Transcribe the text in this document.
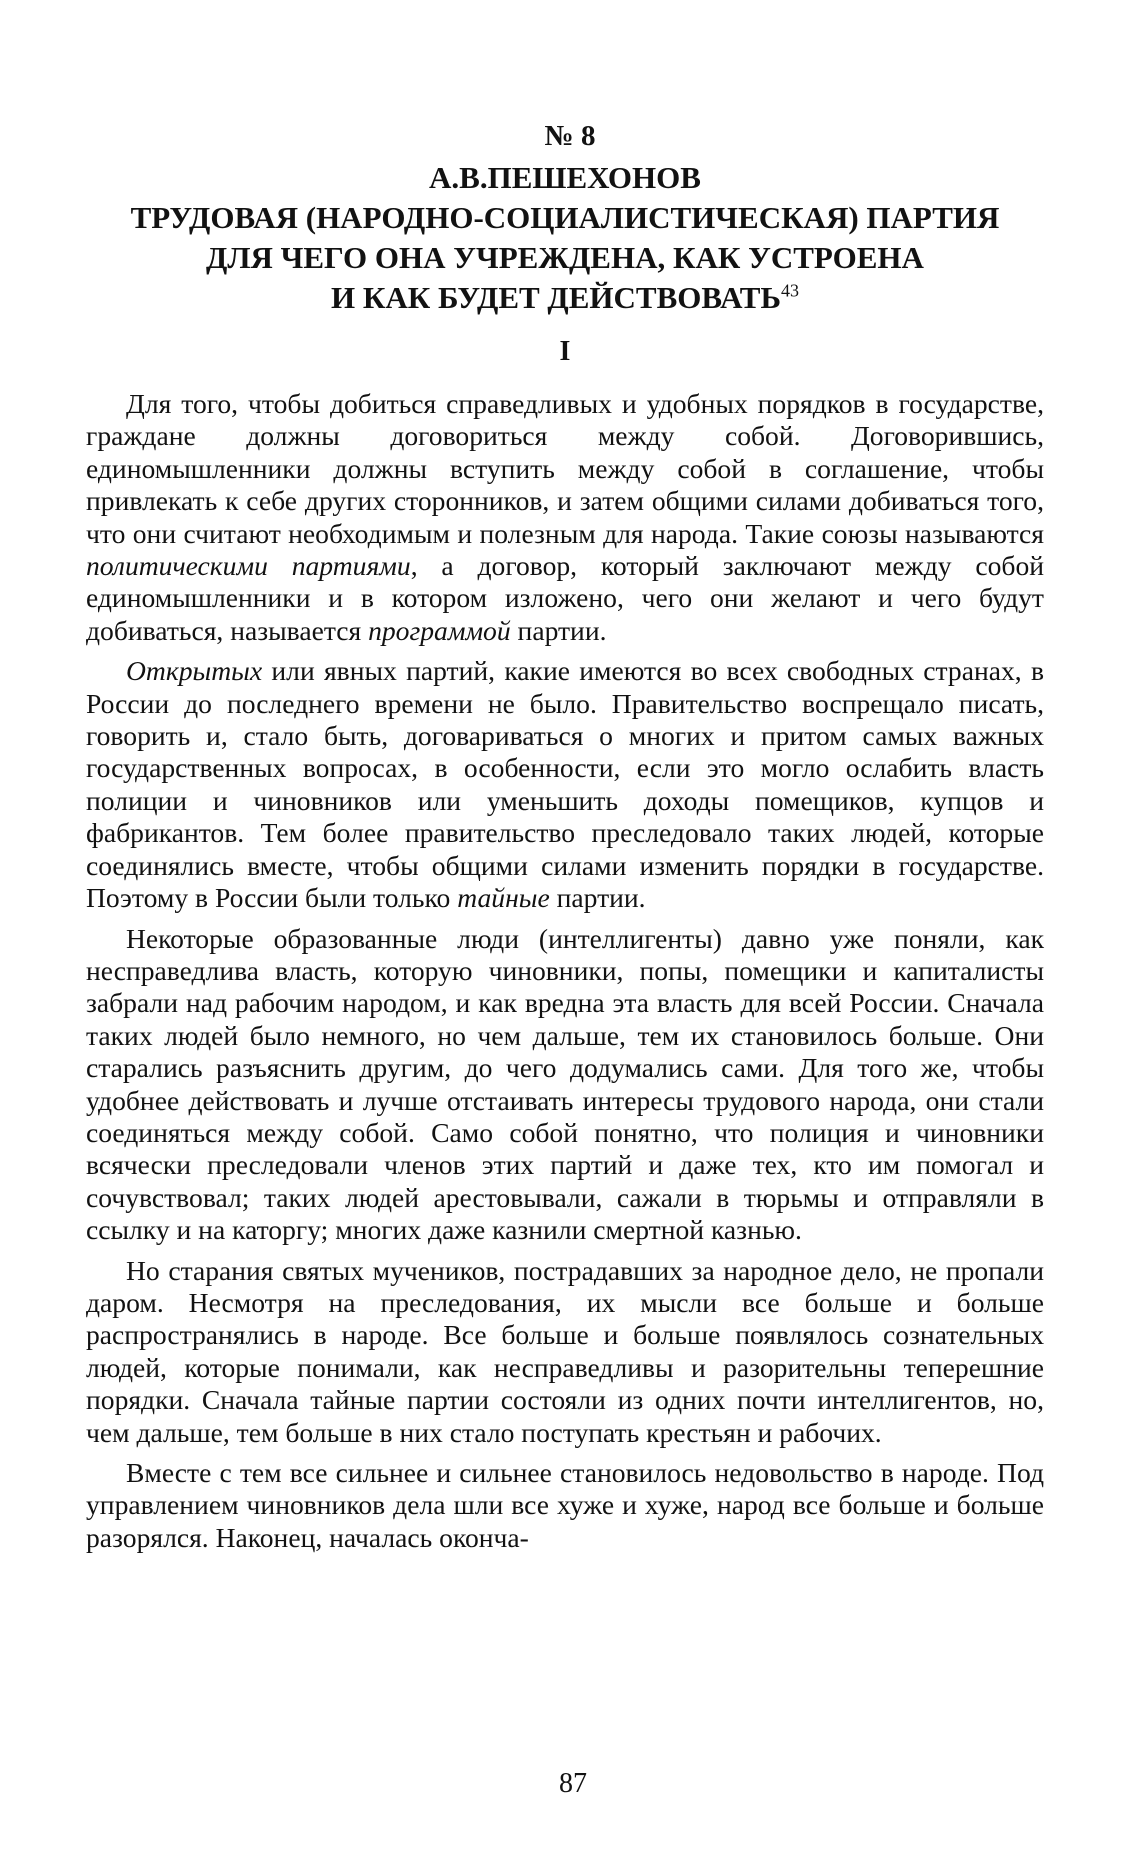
№ 8
А.В.ПЕШЕХОНОВ
ТРУДОВАЯ (НАРОДНО-СОЦИАЛИСТИЧЕСКАЯ) ПАРТИЯ
ДЛЯ ЧЕГО ОНА УЧРЕЖДЕНА, КАК УСТРОЕНА
И КАК БУДЕТ ДЕЙСТВОВАТЬ$^{43}$
I

Для того, чтобы добиться справедливых и удобных порядков в государстве, граждане должны договориться между собой. Договорившись, единомышленники должны вступить между собой в соглашение, чтобы привлекать к себе других сторонников, и затем общими силами добиваться того, что они считают необходимым и полезным для народа. Такие союзы называются политическими партиями, а договор, который заключают между собой единомышленники и в котором изложено, чего они желают и чего будут добиваться, называется программой партии.

Открытых или явных партий, какие имеются во всех свободных странах, в России до последнего времени не было. Правительство воспрещало писать, говорить и, стало быть, договариваться о многих и притом самых важных государственных вопросах, в особенности, если это могло ослабить власть полиции и чиновников или уменьшить доходы помещиков, купцов и фабрикантов. Тем более правительство преследовало таких людей, которые соединялись вместе, чтобы общими силами изменить порядки в государстве. Поэтому в России были только тайные партии.

Некоторые образованные люди (интеллигенты) давно уже поняли, как несправедлива власть, которую чиновники, попы, помещики и капиталисты забрали над рабочим народом, и как вредна эта власть для всей России. Сначала таких людей было немного, но чем дальше, тем их становилось больше. Они старались разъяснить другим, до чего додумались сами. Для того же, чтобы удобнее действовать и лучше отстаивать интересы трудового народа, они стали соединяться между собой. Само собой понятно, что полиция и чиновники всячески преследовали членов этих партий и даже тех, кто им помогал и сочувствовал; таких людей арестовывали, сажали в тюрьмы и отправляли в ссылку и на каторгу; многих даже казнили смертной казнью.

Но старания святых мучеников, пострадавших за народное дело, не пропали даром. Несмотря на преследования, их мысли все больше и больше распространялись в народе. Все больше и больше появлялось сознательных людей, которые понимали, как несправедливы и разорительны теперешние порядки. Сначала тайные партии состояли из одних почти интеллигентов, но, чем дальше, тем больше в них стало поступать крестьян и рабочих.

Вместе с тем все сильнее и сильнее становилось недовольство в народе. Под управлением чиновников дела шли все хуже и хуже, народ все больше и больше разорялся. Наконец, началась оконча-

87
